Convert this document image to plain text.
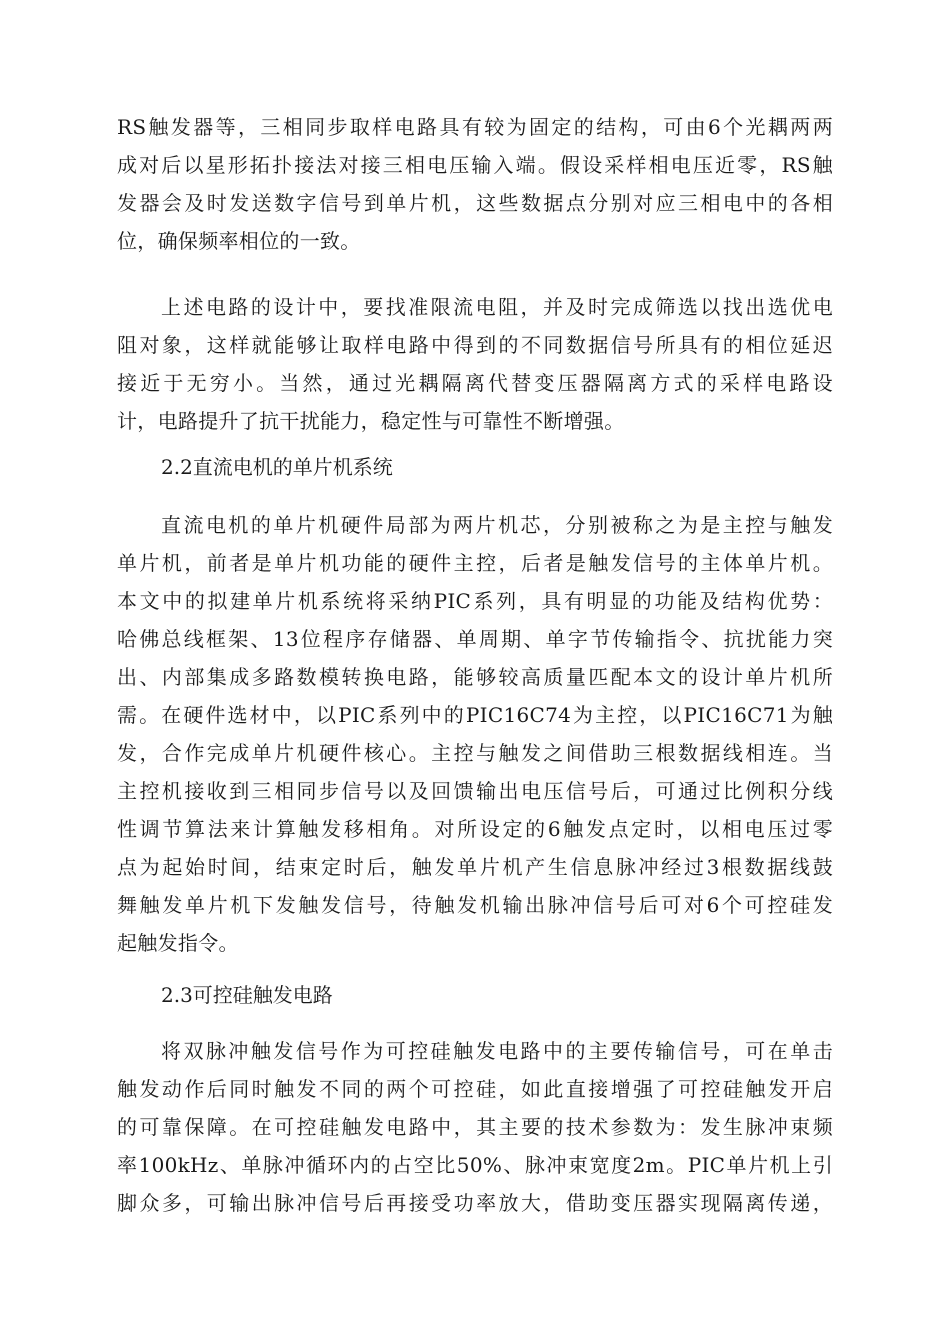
RS触发器等，三相同步取样电路具有较为固定的结构，可由6个光耦两两
成对后以星形拓扑接法对接三相电压输入端。假设采样相电压近零，RS触
发器会及时发送数字信号到单片机，这些数据点分别对应三相电中的各相
位，确保频率相位的一致。
上述电路的设计中，要找准限流电阻，并及时完成筛选以找出选优电
阻对象，这样就能够让取样电路中得到的不同数据信号所具有的相位延迟
接近于无穷小。当然，通过光耦隔离代替变压器隔离方式的采样电路设
计，电路提升了抗干扰能力，稳定性与可靠性不断增强。
2.2直流电机的单片机系统
直流电机的单片机硬件局部为两片机芯，分别被称之为是主控与触发
单片机，前者是单片机功能的硬件主控，后者是触发信号的主体单片机。
本文中的拟建单片机系统将采纳PIC系列，具有明显的功能及结构优势：
哈佛总线框架、13位程序存储器、单周期、单字节传输指令、抗扰能力突
出、内部集成多路数模转换电路，能够较高质量匹配本文的设计单片机所
需。在硬件选材中，以PIC系列中的PIC16C74为主控，以PIC16C71为触
发，合作完成单片机硬件核心。主控与触发之间借助三根数据线相连。当
主控机接收到三相同步信号以及回馈输出电压信号后，可通过比例积分线
性调节算法来计算触发移相角。对所设定的6触发点定时，以相电压过零
点为起始时间，结束定时后，触发单片机产生信息脉冲经过3根数据线鼓
舞触发单片机下发触发信号，待触发机输出脉冲信号后可对6个可控硅发
起触发指令。
2.3可控硅触发电路
将双脉冲触发信号作为可控硅触发电路中的主要传输信号，可在单击
触发动作后同时触发不同的两个可控硅，如此直接增强了可控硅触发开启
的可靠保障。在可控硅触发电路中，其主要的技术参数为：发生脉冲束频
率100kHz、单脉冲循环内的占空比50%、脉冲束宽度2m。PIC单片机上引
脚众多，可输出脉冲信号后再接受功率放大，借助变压器实现隔离传递，
